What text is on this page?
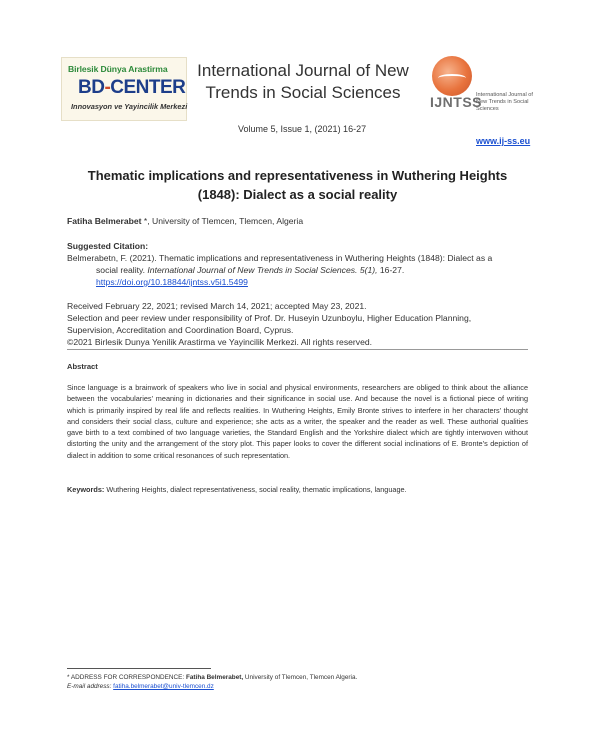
Birlesik Dünya Arastirma
BD-CENTER
Innovasyon ve Yayincilik Merkezi
International Journal of New
Trends in Social Sciences
Volume 5, Issue 1, (2021) 16-27
IJNTSS
International Journal of New Trends in Social Sciences
www.ij-ss.eu
Thematic implications and representativeness in Wuthering Heights
(1848): Dialect as a social reality
Fatiha Belmerabet *, University of Tlemcen, Tlemcen, Algeria
Suggested Citation:
Belmerabetn, F. (2021). Thematic implications and representativeness in Wuthering Heights (1848): Dialect as a
social reality. International Journal of New Trends in Social Sciences. 5(1), 16-27.
https://doi.org/10.18844/ijntss.v5i1.5499
Received February 22, 2021; revised March 14, 2021; accepted May 23, 2021.
Selection and peer review under responsibility of Prof. Dr. Huseyin Uzunboylu, Higher Education Planning,
Supervision, Accreditation and Coordination Board, Cyprus.
©2021 Birlesik Dunya Yenilik Arastirma ve Yayincilik Merkezi. All rights reserved.
Abstract
Since language is a brainwork of speakers who live in social and physical environments, researchers are obliged to think about the alliance between the vocabularies’ meaning in dictionaries and their significance in social use. And because the novel is a fictional piece of writing which is primarily inspired by real life and reflects realities. In Wuthering Heights, Emily Bronte strives to interfere in her characters’ thought and considers their social class, culture and experience; she acts as a writer, the speaker and the reader as well. These authorial qualities gave birth to a text combined of two language varieties, the Standard English and the Yorkshire dialect which are tightly interwoven without distorting the unity and the arrangement of the story plot. This paper looks to cover the different social inclinations of E. Bronte’s depiction of dialect in addition to some critical resonances of such representation.
Keywords: Wuthering Heights, dialect representativeness, social reality, thematic implications, language.
* ADDRESS FOR CORRESPONDENCE: Fatiha Belmerabet, University of Tlemcen, Tlemcen Algeria.
E-mail address: fatiha.belmerabet@univ-tlemcen.dz
